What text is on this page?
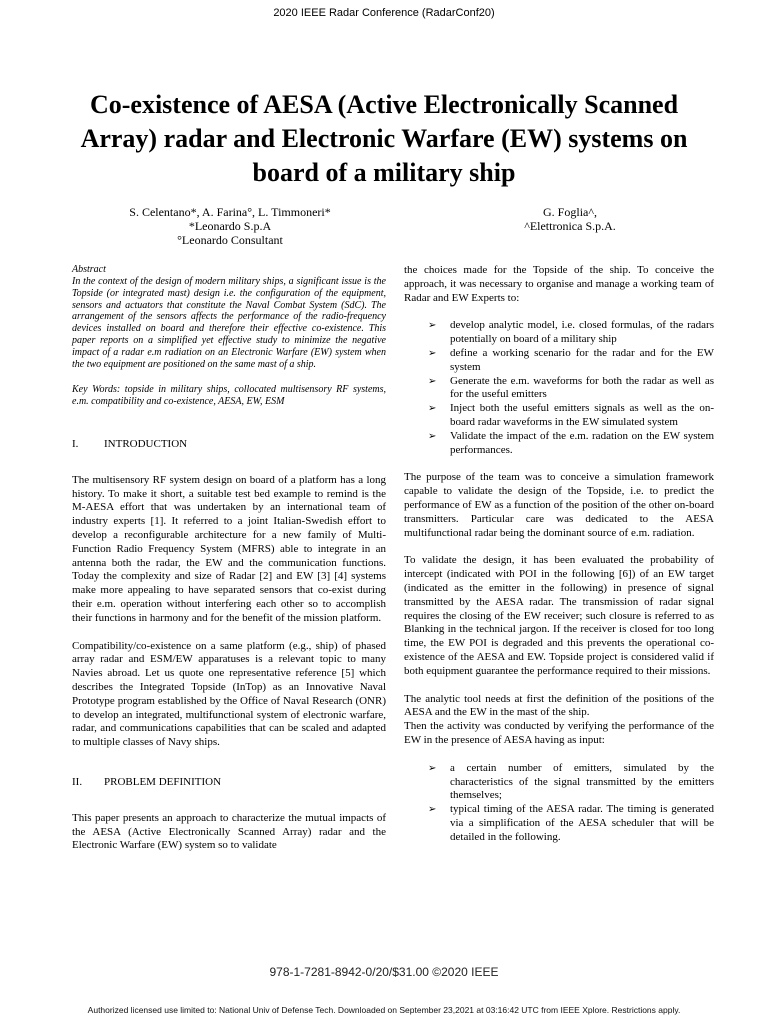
2020 IEEE Radar Conference (RadarConf20)
Co-existence of AESA (Active Electronically Scanned Array) radar and Electronic Warfare (EW) systems on board of a military ship
S. Celentano*, A. Farina°, L. Timmoneri*
*Leonardo S.p.A
°Leonardo Consultant
G. Foglia^,
^Elettronica S.p.A.
Abstract

In the context of the design of modern military ships, a significant issue is the Topside (or integrated mast) design i.e. the configuration of the equipment, sensors and actuators that constitute the Naval Combat System (SdC). The arrangement of the sensors affects the performance of the radio-frequency devices installed on board and therefore their effective co-existence. This paper reports on a simplified yet effective study to minimize the negative impact of a radar e.m radiation on an Electronic Warfare (EW) system when the two equipment are positioned on the same mast of a ship.

Key Words: topside in military ships, collocated multisensory RF systems, e.m. compatibility and co-existence, AESA, EW, ESM

I.	INTRODUCTION

The multisensory RF system design on board of a platform has a long history. To make it short, a suitable test bed example to remind is the M-AESA effort that was undertaken by an international team of industry experts [1]. It referred to a joint Italian-Swedish effort to develop a reconfigurable architecture for a new family of Multi-Function Radio Frequency System (MFRS) able to integrate in an antenna both the radar, the EW and the communication functions. Today the complexity and size of Radar [2] and EW [3] [4] systems make more appealing to have separated sensors that co-exist during their e.m. operation without interfering each other so to accomplish their functions in harmony and for the benefit of the mission platform.

Compatibility/co-existence on a same platform (e.g., ship) of phased array radar and ESM/EW apparatuses is a relevant topic to many Navies abroad. Let us quote one representative reference [5] which describes the Integrated Topside (InTop) as an Innovative Naval Prototype program established by the Office of Naval Research (ONR) to develop an integrated, multifunctional system of electronic warfare, radar, and communications capabilities that can be scaled and adapted to multiple classes of Navy ships.

II.	PROBLEM DEFINITION

This paper presents an approach to characterize the mutual impacts of the AESA (Active Electronically Scanned Array) radar and the Electronic Warfare (EW) system so to validate

the choices made for the Topside of the ship. To conceive the approach, it was necessary to organise and manage a working team of Radar and EW Experts to:

➢ develop analytic model, i.e. closed formulas, of the radars potentially on board of a military ship
➢ define a working scenario for the radar and for the EW system
➢ Generate the e.m. waveforms for both the radar as well as for the useful emitters
➢ Inject both the useful emitters signals as well as the on-board radar waveforms in the EW simulated system
➢ Validate the impact of the e.m. radation on the EW system performances.

The purpose of the team was to conceive a simulation framework capable to validate the design of the Topside, i.e. to predict the performance of EW as a function of the position of the other on-board transmitters. Particular care was dedicated to the AESA multifunctional radar being the dominant source of e.m. radiation.

To validate the design, it has been evaluated the probability of intercept (indicated with POI in the following [6]) of an EW target (indicated as the emitter in the following) in presence of signal transmitted by the AESA radar. The transmission of radar signal requires the closing of the EW receiver; such closure is referred to as Blanking in the technical jargon. If the receiver is closed for too long time, the EW POI is degraded and this prevents the operational co-existence of the AESA and EW. Topside project is considered valid if both equipment guarantee the performance required to their missions.

The analytic tool needs at first the definition of the positions of the AESA and the EW in the mast of the ship.

Then the activity was conducted by verifying the performance of the EW in the presence of AESA having as input:

➢ a certain number of emitters, simulated by the characteristics of the signal transmitted by the emitters themselves;
➢ typical timing of the AESA radar. The timing is generated via a simplification of the AESA scheduler that will be detailed in the following.
978-1-7281-8942-0/20/$31.00 ©2020 IEEE
Authorized licensed use limited to: National Univ of Defense Tech. Downloaded on September 23,2021 at 03:16:42 UTC from IEEE Xplore. Restrictions apply.
